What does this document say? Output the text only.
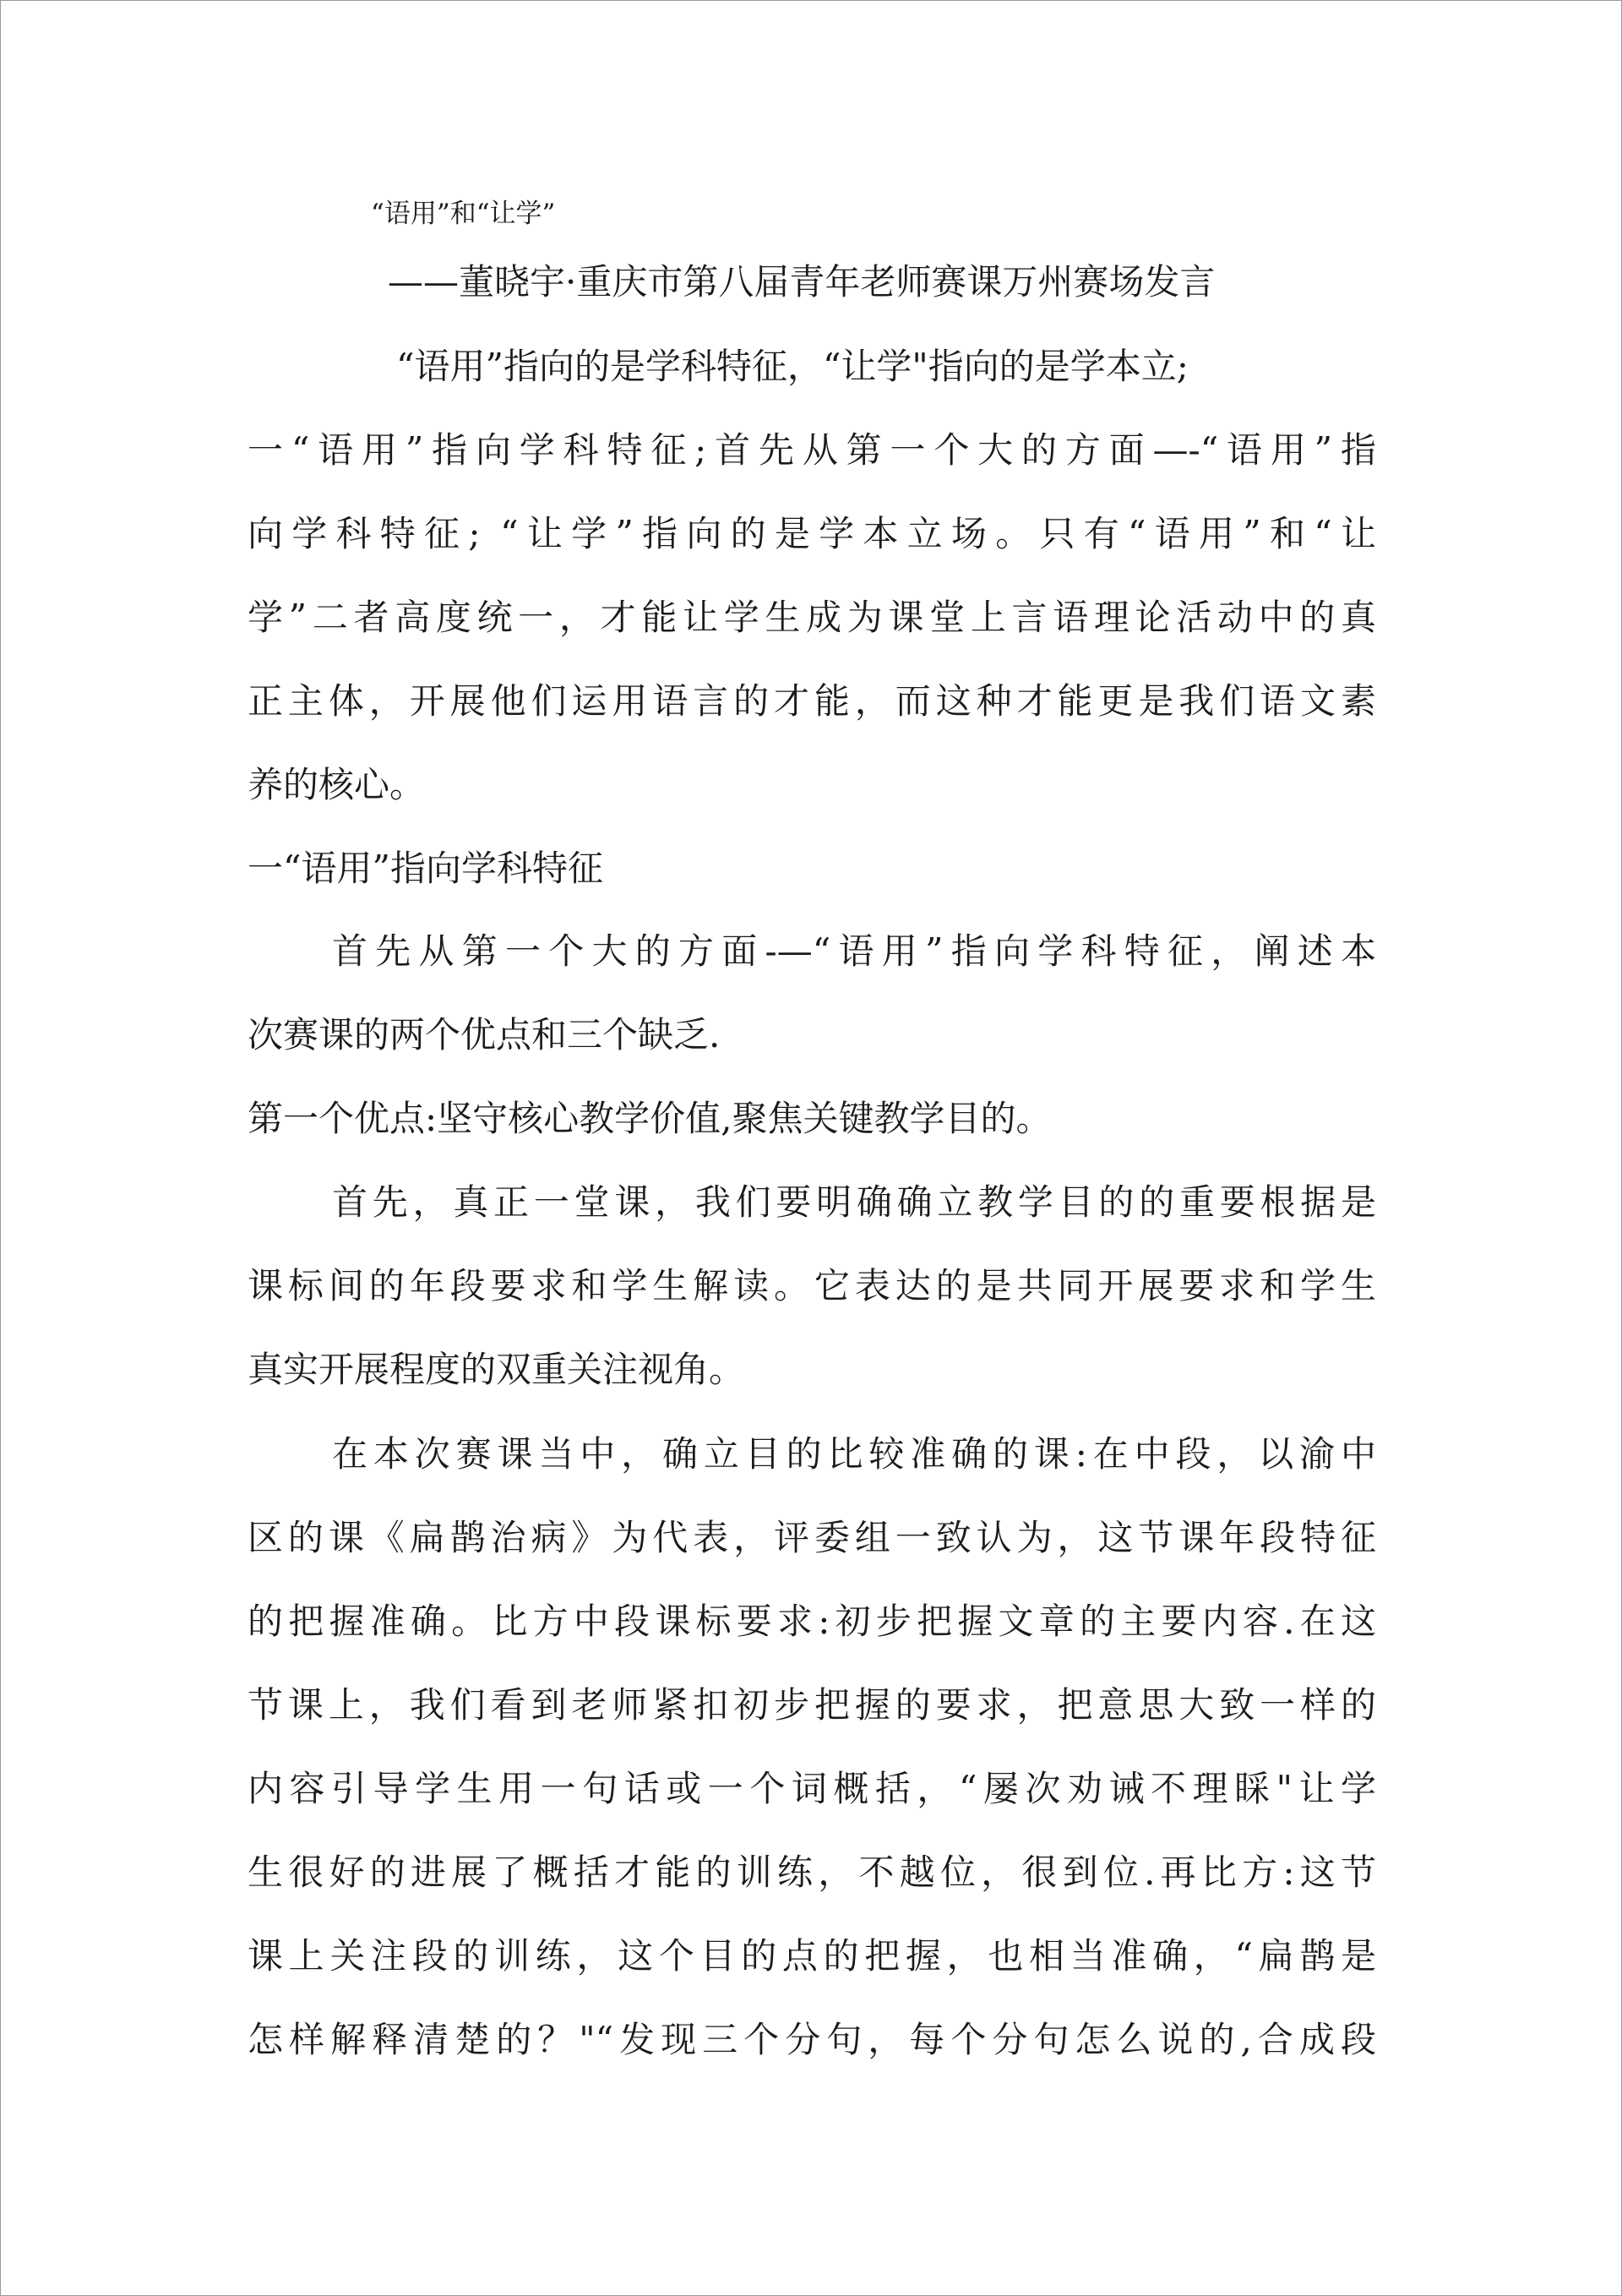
“语用”和“让学”
——董晓宇·重庆市第八届青年老师赛课万州赛场发言
“语用”指向的是学科特征，“让学"指向的是学本立;
一“语用”指向学科特征;首先从第一个大的方面—-“语用”指
向学科特征; “让学”指向的是学本立场。只有“语用”和“让
学”二者高度统一，才能让学生成为课堂上言语理论活动中的真
正主体，开展他们运用语言的才能，而这种才能更是我们语文素
养的核心。
一“语用”指向学科特征
首先从第一个大的方面-—“语用”指向学科特征，阐述本
次赛课的两个优点和三个缺乏.
第一个优点:坚守核心教学价值,聚焦关键教学目的。
首先，真正一堂课，我们要明确确立教学目的的重要根据是
课标间的年段要求和学生解读。它表达的是共同开展要求和学生
真实开展程度的双重关注视角。
在本次赛课当中，确立目的比较准确的课:在中段，以渝中
区的课《扁鹊治病》为代表，评委组一致认为，这节课年段特征
的把握准确。比方中段课标要求:初步把握文章的主要内容.在这
节课上，我们看到老师紧扣初步把握的要求，把意思大致一样的
内容引导学生用一句话或一个词概括，“屡次劝诫不理睬"让学
生很好的进展了概括才能的训练，不越位，很到位.再比方:这节
课上关注段的训练，这个目的点的把握，也相当准确，“扁鹊是
怎样解释清楚的？"“发现三个分句，每个分句怎么说的,合成段
